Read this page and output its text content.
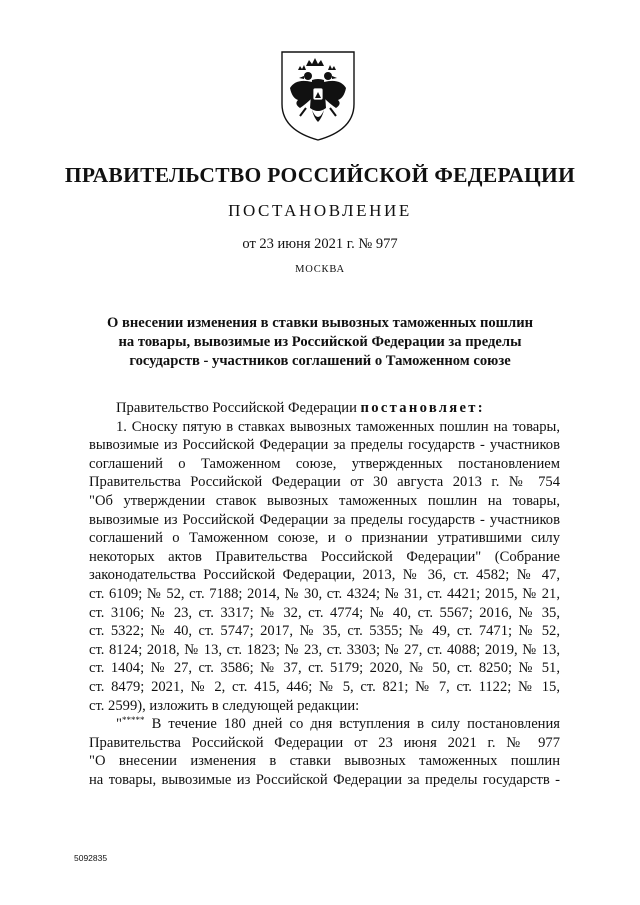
ПРАВИТЕЛЬСТВО РОССИЙСКОЙ ФЕДЕРАЦИИ
ПОСТАНОВЛЕНИЕ
от 23 июня 2021 г. № 977
МОСКВА
О внесении изменения в ставки вывозных таможенных пошлин
на товары, вывозимые из Российской Федерации за пределы
государств - участников соглашений о Таможенном союзе
Правительство Российской Федерации постановляет:
1. Сноску пятую в ставках вывозных таможенных пошлин на товары,
вывозимые из Российской Федерации за пределы государств - участников
соглашений о Таможенном союзе, утвержденных постановлением
Правительства Российской Федерации от 30 августа 2013 г. № 754
"Об утверждении ставок вывозных таможенных пошлин на товары,
вывозимые из Российской Федерации за пределы государств - участников
соглашений о Таможенном союзе, и о признании утратившими силу
некоторых актов Правительства Российской Федерации" (Собрание
законодательства Российской Федерации, 2013, № 36, ст. 4582; № 47,
ст. 6109; № 52, ст. 7188; 2014, № 30, ст. 4324; № 31, ст. 4421; 2015, № 21,
ст. 3106; № 23, ст. 3317; № 32, ст. 4774; № 40, ст. 5567; 2016, № 35,
ст. 5322; № 40, ст. 5747; 2017, № 35, ст. 5355; № 49, ст. 7471; № 52,
ст. 8124; 2018, № 13, ст. 1823; № 23, ст. 3303; № 27, ст. 4088; 2019, № 13,
ст. 1404; № 27, ст. 3586; № 37, ст. 5179; 2020, № 50, ст. 8250; № 51,
ст. 8479; 2021, № 2, ст. 415, 446; № 5, ст. 821; № 7, ст. 1122; № 15,
ст. 2599), изложить в следующей редакции:
"***** В течение 180 дней со дня вступления в силу постановления
Правительства Российской Федерации от 23 июня 2021 г. № 977
"О внесении изменения в ставки вывозных таможенных пошлин
на товары, вывозимые из Российской Федерации за пределы государств -
5092835
